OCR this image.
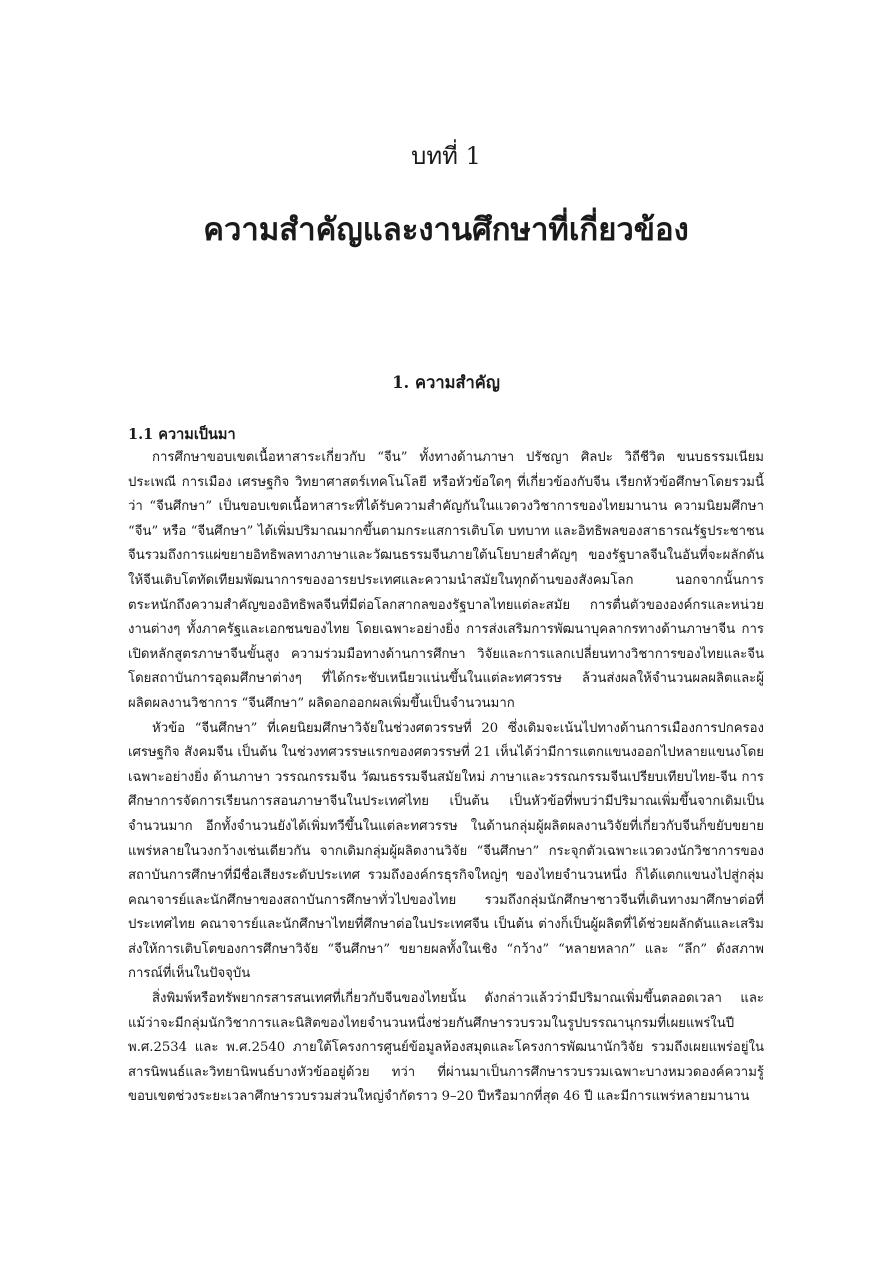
บทที่ 1
ความสำคัญและงานศึกษาที่เกี่ยวข้อง
1. ความสำคัญ
1.1 ความเป็นมา

การศึกษาขอบเขตเนื้อหาสาระเกี่ยวกับ “จีน” ทั้งทางด้านภาษา ปรัชญา ศิลปะ วิถีชีวิต ขนบธรรมเนียมประเพณี การเมือง เศรษฐกิจ วิทยาศาสตร์เทคโนโลยี หรือหัวข้อใดๆ ที่เกี่ยวข้องกับจีน เรียกหัวข้อศึกษาโดยรวมนี้ว่า “จีนศึกษา” เป็นขอบเขตเนื้อหาสาระที่ได้รับความสำคัญกันในแวดวงวิชาการของไทยมานาน ความนิยมศึกษา “จีน” หรือ “จีนศึกษา” ได้เพิ่มปริมาณมากขึ้นตามกระแสการเติบโต บทบาท และอิทธิพลของสาธารณรัฐประชาชนจีนรวมถึงการแผ่ขยายอิทธิพลทางภาษาและวัฒนธรรมจีนภายใต้นโยบายสำคัญๆ ของรัฐบาลจีนในอันที่จะผลักดันให้จีนเติบโตทัดเทียมพัฒนาการของอารยประเทศและความนำสมัยในทุกด้านของสังคมโลก นอกจากนั้นการตระหนักถึงความสำคัญของอิทธิพลจีนที่มีต่อโลกสากลของรัฐบาลไทยแต่ละสมัย การตื่นตัวขององค์กรและหน่วยงานต่างๆ ทั้งภาครัฐและเอกชนของไทย โดยเฉพาะอย่างยิ่ง การส่งเสริมการพัฒนาบุคลากรทางด้านภาษาจีน การเปิดหลักสูตรภาษาจีนขั้นสูง ความร่วมมือทางด้านการศึกษา วิจัยและการแลกเปลี่ยนทางวิชาการของไทยและจีนโดยสถาบันการอุดมศึกษาต่างๆ ที่ได้กระชับเหนียวแน่นขึ้นในแต่ละทศวรรษ ล้วนส่งผลให้จำนวนผลผลิตและผู้ผลิตผลงานวิชาการ “จีนศึกษา” ผลิดอกออกผลเพิ่มขึ้นเป็นจำนวนมาก

หัวข้อ “จีนศึกษา” ที่เคยนิยมศึกษาวิจัยในช่วงศตวรรษที่ 20 ซึ่งเดิมจะเน้นไปทางด้านการเมืองการปกครองเศรษฐกิจ สังคมจีน เป็นต้น ในช่วงทศวรรษแรกของศตวรรษที่ 21 เห็นได้ว่ามีการแตกแขนงออกไปหลายแขนงโดยเฉพาะอย่างยิ่ง ด้านภาษา วรรณกรรมจีน วัฒนธรรมจีนสมัยใหม่ ภาษาและวรรณกรรมจีนเปรียบเทียบไทย-จีน การศึกษาการจัดการเรียนการสอนภาษาจีนในประเทศไทย เป็นต้น เป็นหัวข้อที่พบว่ามีปริมาณเพิ่มขึ้นจากเดิมเป็นจำนวนมาก อีกทั้งจำนวนยังได้เพิ่มทวีขึ้นในแต่ละทศวรรษ ในด้านกลุ่มผู้ผลิตผลงานวิจัยที่เกี่ยวกับจีนก็ขยับขยายแพร่หลายในวงกว้างเช่นเดียวกัน จากเดิมกลุ่มผู้ผลิตงานวิจัย “จีนศึกษา” กระจุกตัวเฉพาะแวดวงนักวิชาการของสถาบันการศึกษาที่มีชื่อเสียงระดับประเทศ รวมถึงองค์กรธุรกิจใหญ่ๆ ของไทยจำนวนหนึ่ง ก็ได้แตกแขนงไปสู่กลุ่มคณาจารย์และนักศึกษาของสถาบันการศึกษาทั่วไปของไทย รวมถึงกลุ่มนักศึกษาชาวจีนที่เดินทางมาศึกษาต่อที่ประเทศไทย คณาจารย์และนักศึกษาไทยที่ศึกษาต่อในประเทศจีน เป็นต้น ต่างก็เป็นผู้ผลิตที่ได้ช่วยผลักดันและเสริมส่งให้การเติบโตของการศึกษาวิจัย “จีนศึกษา” ขยายผลทั้งในเชิง “กว้าง” “หลายหลาก” และ “ลึก” ดังสภาพการณ์ที่เห็นในปัจจุบัน

สิ่งพิมพ์หรือทรัพยากรสารสนเทศที่เกี่ยวกับจีนของไทยนั้น ดังกล่าวแล้วว่ามีปริมาณเพิ่มขึ้นตลอดเวลา และแม้ว่าจะมีกลุ่มนักวิชาการและนิสิตของไทยจำนวนหนึ่งช่วยกันศึกษารวบรวมในรูปบรรณานุกรมที่เผยแพร่ในปี พ.ศ.2534 และ พ.ศ.2540 ภายใต้โครงการศูนย์ข้อมูลห้องสมุดและโครงการพัฒนานักวิจัย รวมถึงเผยแพร่อยู่ในสารนิพนธ์และวิทยานิพนธ์บางหัวข้ออยู่ด้วย ทว่า ที่ผ่านมาเป็นการศึกษารวบรวมเฉพาะบางหมวดองค์ความรู้ขอบเขตช่วงระยะเวลาศึกษารวบรวมส่วนใหญ่จำกัดราว 9–20 ปีหรือมากที่สุด 46 ปี และมีการแพร่หลายมานาน
